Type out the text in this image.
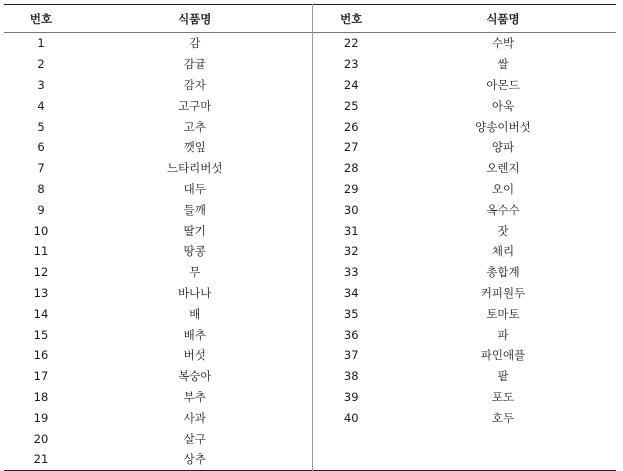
번호	식품명	번호	식품명
1	감	22	수박
2	감귤	23	쌀
3	감자	24	아몬드
4	고구마	25	아욱
5	고추	26	양송이버섯
6	깻잎	27	양파
7	느타리버섯	28	오렌지
8	대두	29	오이
9	들깨	30	옥수수
10	딸기	31	잣
11	땅콩	32	체리
12	무	33	총합계
13	바나나	34	커피원두
14	배	35	토마토
15	배추	36	파
16	버섯	37	파인애플
17	복숭아	38	팥
18	부추	39	포도
19	사과	40	호두
20	살구		
21	상추		
